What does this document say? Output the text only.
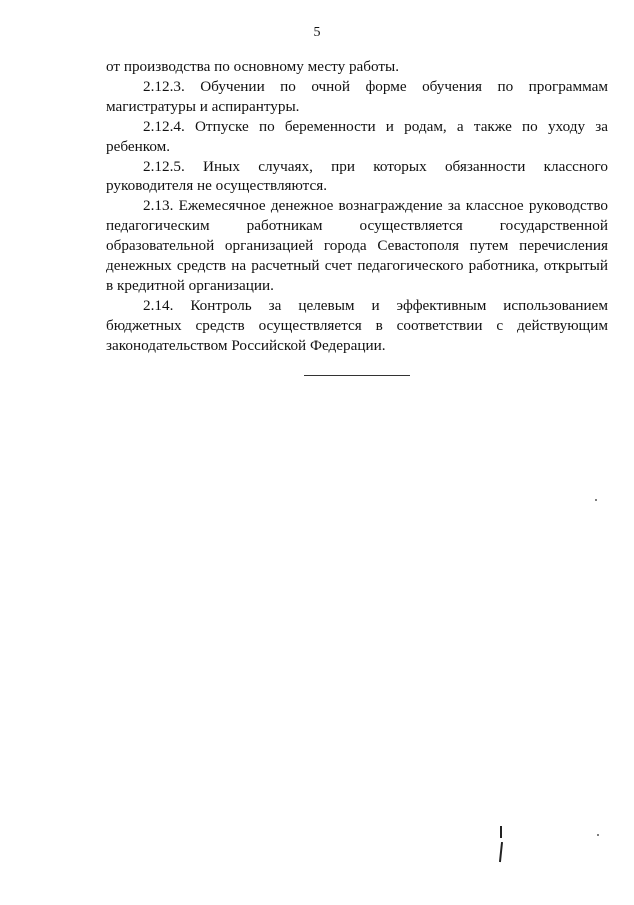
5

от производства по основному месту работы.

2.12.3. Обучении по очной форме обучения по программам магистратуры и аспирантуры.

2.12.4. Отпуске по беременности и родам, а также по уходу за ребенком.

2.12.5. Иных случаях, при которых обязанности классного руководителя не осуществляются.

2.13. Ежемесячное денежное вознаграждение за классное руководство педагогическим работникам осуществляется государственной образовательной организацией города Севастополя путем перечисления денежных средств на расчетный счет педагогического работника, открытый в кредитной организации.

2.14. Контроль за целевым и эффективным использованием бюджетных средств осуществляется в соответствии с действующим законодательством Российской Федерации.
